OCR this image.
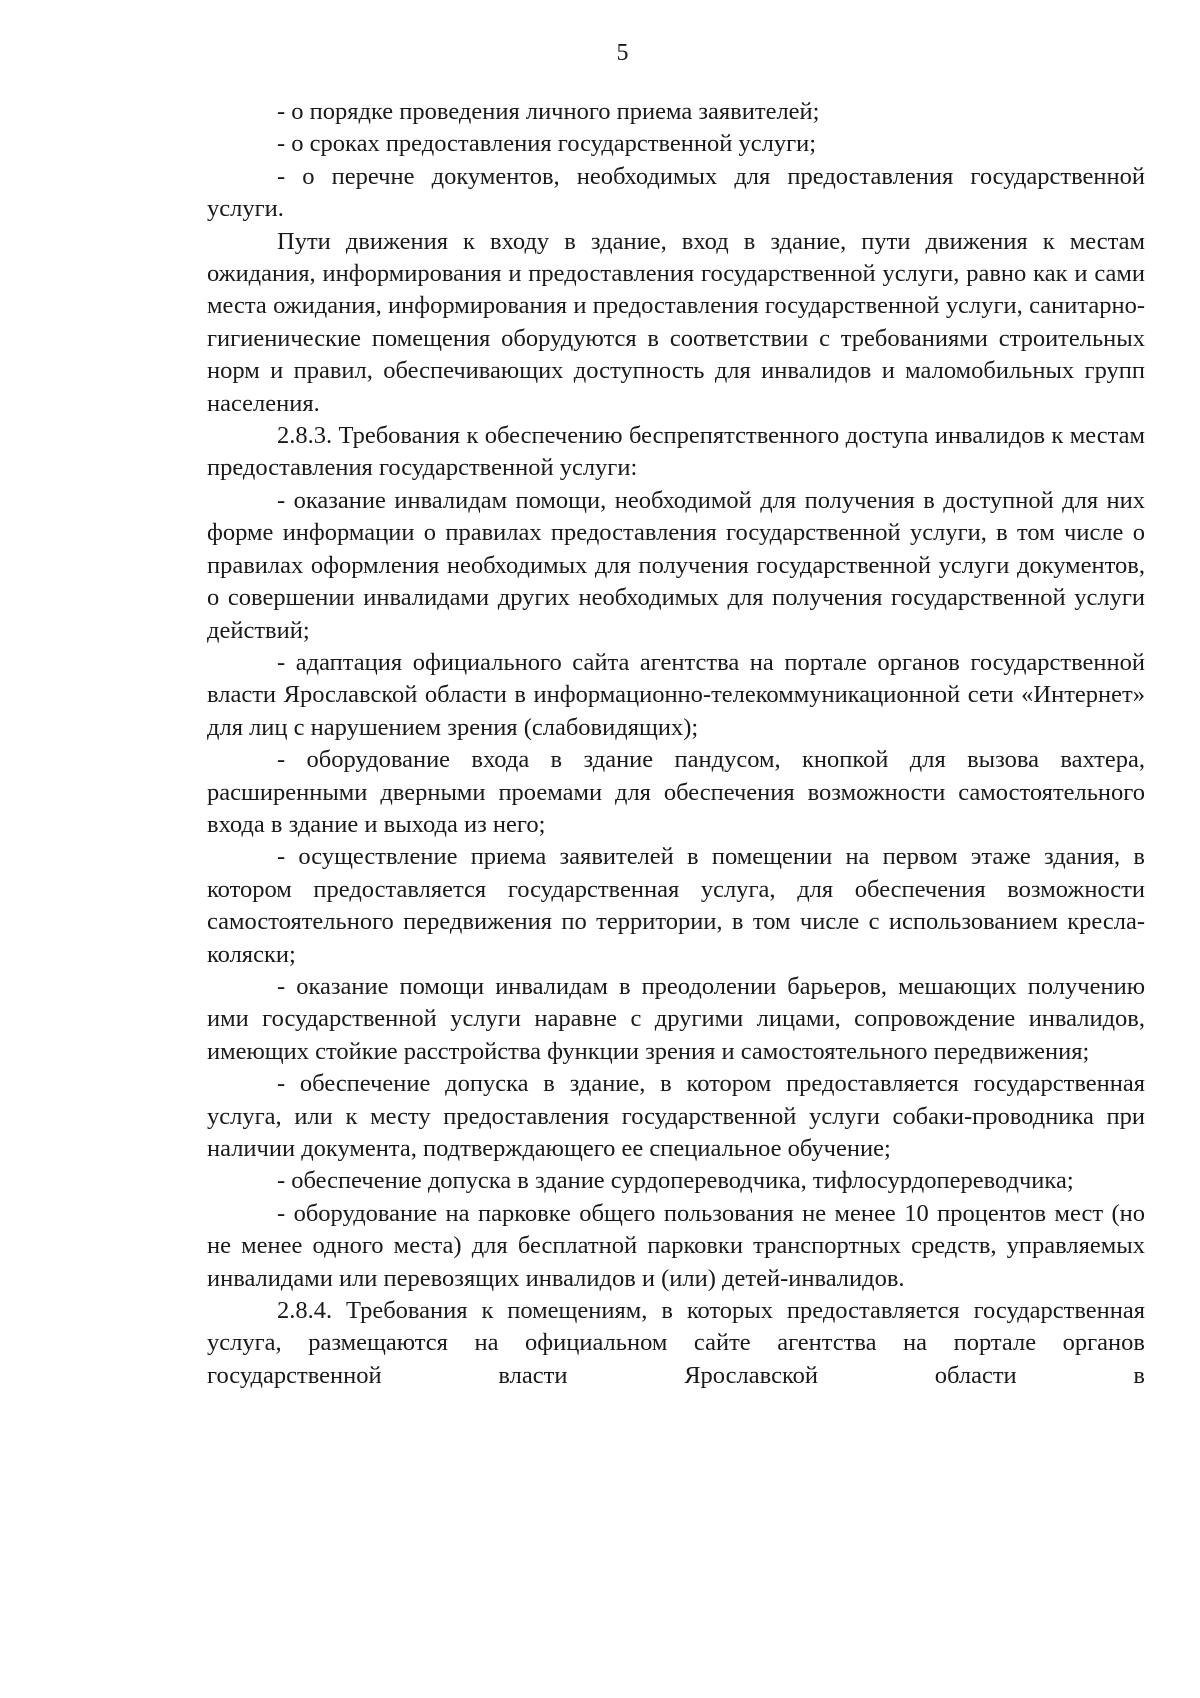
5

- о порядке проведения личного приема заявителей;

- о сроках предоставления государственной услуги;

- о перечне документов, необходимых для предоставления государственной услуги.

Пути движения к входу в здание, вход в здание, пути движения к местам ожидания, информирования и предоставления государственной услуги, равно как и сами места ожидания, информирования и предоставления государственной услуги, санитарно-гигиенические помещения оборудуются в соответствии с требованиями строительных норм и правил, обеспечивающих доступность для инвалидов и маломобильных групп населения.

2.8.3. Требования к обеспечению беспрепятственного доступа инвалидов к местам предоставления государственной услуги:

- оказание инвалидам помощи, необходимой для получения в доступной для них форме информации о правилах предоставления государственной услуги, в том числе о правилах оформления необходимых для получения государственной услуги документов, о совершении инвалидами других необходимых для получения государственной услуги действий;

- адаптация официального сайта агентства на портале органов государственной власти Ярославской области в информационно-телекоммуникационной сети «Интернет» для лиц с нарушением зрения (слабовидящих);

- оборудование входа в здание пандусом, кнопкой для вызова вахтера, расширенными дверными проемами для обеспечения возможности самостоятельного входа в здание и выхода из него;

- осуществление приема заявителей в помещении на первом этаже здания, в котором предоставляется государственная услуга, для обеспечения возможности самостоятельного передвижения по территории, в том числе с использованием кресла-коляски;

- оказание помощи инвалидам в преодолении барьеров, мешающих получению ими государственной услуги наравне с другими лицами, сопровождение инвалидов, имеющих стойкие расстройства функции зрения и самостоятельного передвижения;

- обеспечение допуска в здание, в котором предоставляется государственная услуга, или к месту предоставления государственной услуги собаки-проводника при наличии документа, подтверждающего ее специальное обучение;

- обеспечение допуска в здание сурдопереводчика, тифлосурдопереводчика;

- оборудование на парковке общего пользования не менее 10 процентов мест (но не менее одного места) для бесплатной парковки транспортных средств, управляемых инвалидами или перевозящих инвалидов и (или) детей-инвалидов.

2.8.4. Требования к помещениям, в которых предоставляется государственная услуга, размещаются на официальном сайте агентства на портале органов государственной власти Ярославской области в
